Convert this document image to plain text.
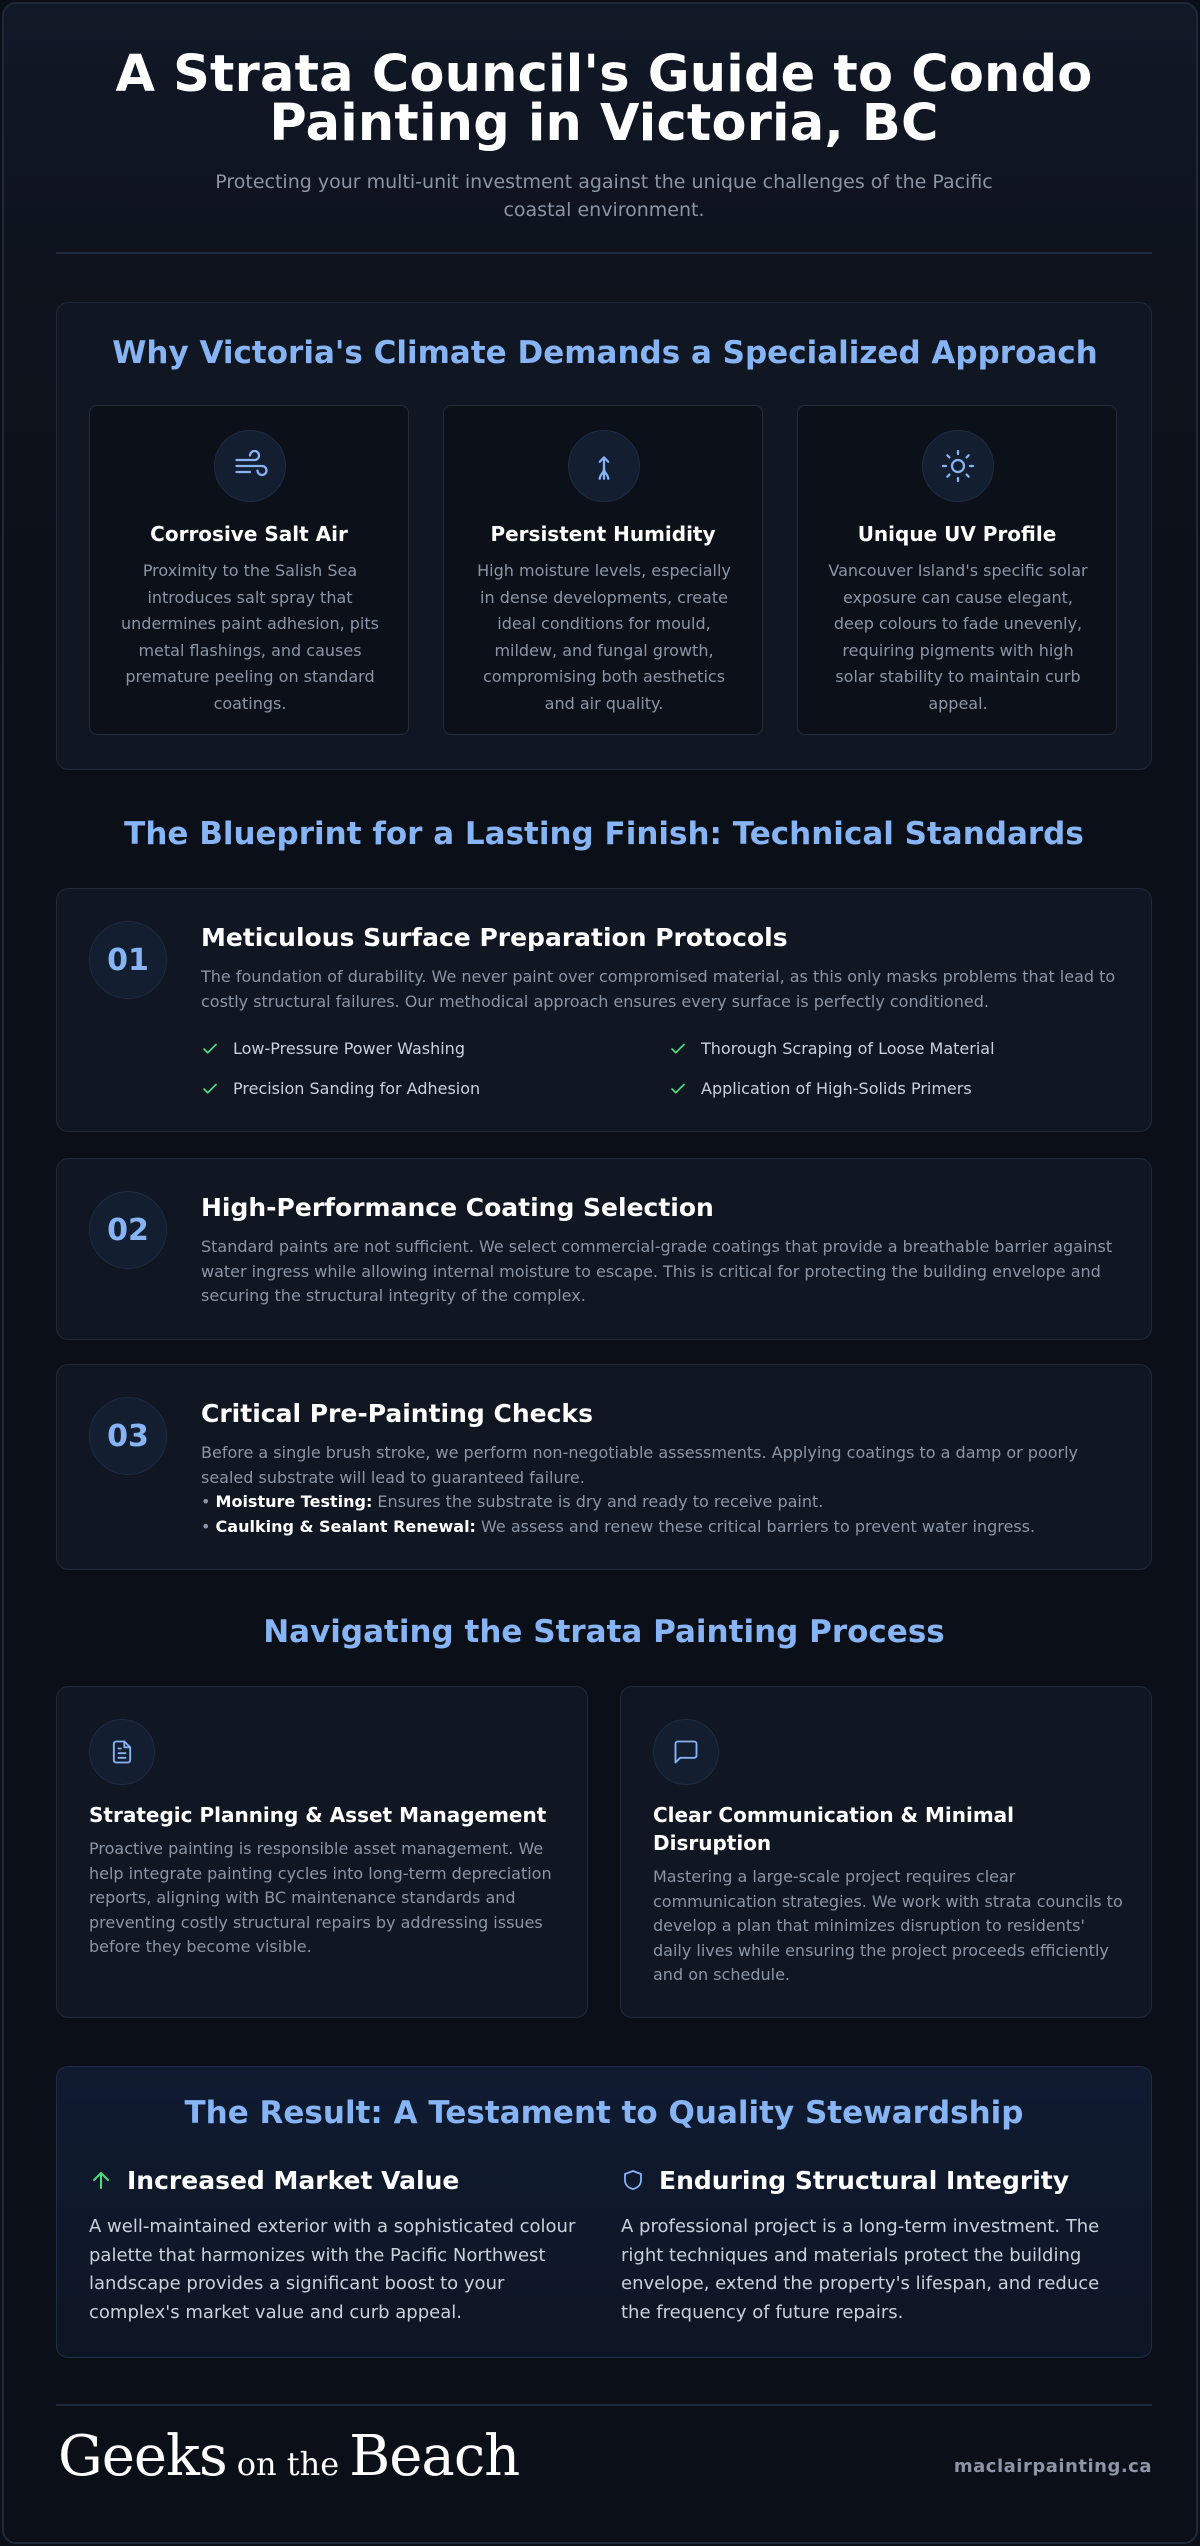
A Strata Council's Guide to Condo Painting in Victoria, BC

Protecting your multi-unit investment against the unique challenges of the Pacific coastal environment.

Why Victoria's Climate Demands a Specialized Approach
Corrosive Salt Air

Proximity to the Salish Sea introduces salt spray that undermines paint adhesion, pits metal flashings, and causes premature peeling on standard coatings.

Persistent Humidity

High moisture levels, especially in dense developments, create ideal conditions for mould, mildew, and fungal growth, compromising both aesthetics and air quality.

Unique UV Profile

Vancouver Island's specific solar exposure can cause elegant, deep colours to fade unevenly, requiring pigments with high solar stability to maintain curb appeal.

The Blueprint for a Lasting Finish: Technical Standards
01
Meticulous Surface Preparation Protocols

The foundation of durability. We never paint over compromised material, as this only masks problems that lead to costly structural failures. Our methodical approach ensures every surface is perfectly conditioned.

Low-Pressure Power Washing	Thorough Scraping of Loose Material
Precision Sanding for Adhesion	Application of High-Solids Primers
02
High-Performance Coating Selection

Standard paints are not sufficient. We select commercial-grade coatings that provide a breathable barrier against water ingress while allowing internal moisture to escape. This is critical for protecting the building envelope and securing the structural integrity of the complex.

03
Critical Pre-Painting Checks
Before a single brush stroke, we perform non-negotiable assessments. Applying coatings to a damp or poorly sealed substrate will lead to guaranteed failure.
• Moisture Testing: Ensures the substrate is dry and ready to receive paint.
• Caulking & Sealant Renewal: We assess and renew these critical barriers to prevent water ingress.
Navigating the Strata Painting Process
Strategic Planning & Asset Management

Proactive painting is responsible asset management. We help integrate painting cycles into long-term depreciation reports, aligning with BC maintenance standards and preventing costly structural repairs by addressing issues before they become visible.

Clear Communication & Minimal Disruption

Mastering a large-scale project requires clear communication strategies. We work with strata councils to develop a plan that minimizes disruption to residents' daily lives while ensuring the project proceeds efficiently and on schedule.

The Result: A Testament to Quality Stewardship
Increased Market Value

A well-maintained exterior with a sophisticated colour palette that harmonizes with the Pacific Northwest landscape provides a significant boost to your complex's market value and curb appeal.

Enduring Structural Integrity

A professional project is a long-term investment. The right techniques and materials protect the building envelope, extend the property's lifespan, and reduce the frequency of future repairs.

Geeks on the Beach	maclairpainting.ca
